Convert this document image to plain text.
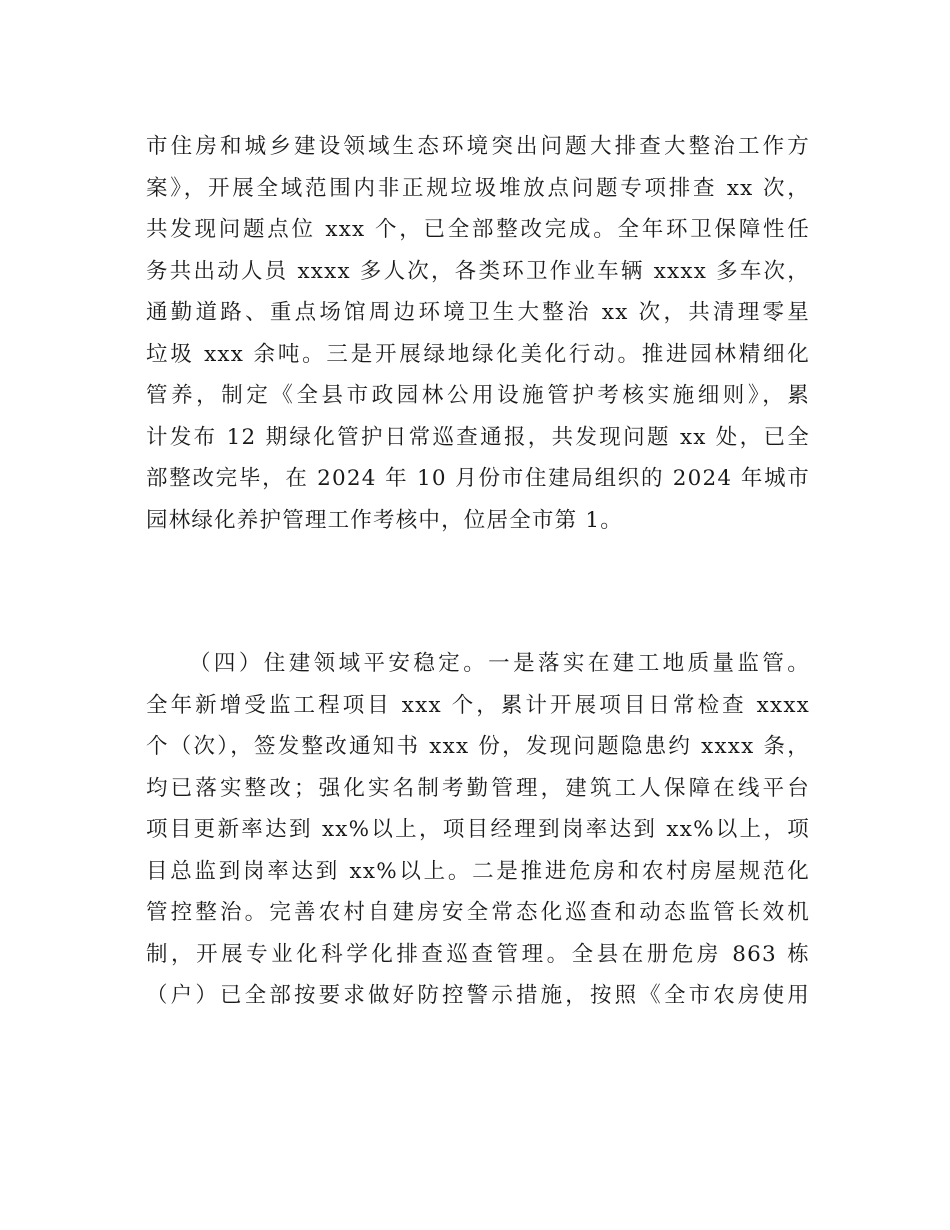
市住房和城乡建设领域生态环境突出问题大排查大整治工作方
案》，开展全域范围内非正规垃圾堆放点问题专项排查 xx 次，
共发现问题点位 xxx 个，已全部整改完成。全年环卫保障性任
务共出动人员 xxxx 多人次，各类环卫作业车辆 xxxx 多车次，
通勤道路、重点场馆周边环境卫生大整治 xx 次，共清理零星
垃圾 xxx 余吨。三是开展绿地绿化美化行动。推进园林精细化
管养，制定《全县市政园林公用设施管护考核实施细则》，累
计发布 12 期绿化管护日常巡查通报，共发现问题 xx 处，已全
部整改完毕，在 2024 年 10 月份市住建局组织的 2024 年城市
园林绿化养护管理工作考核中，位居全市第 1。
（四）住建领域平安稳定。一是落实在建工地质量监管。
全年新增受监工程项目 xxx 个，累计开展项目日常检查 xxxx
个（次），签发整改通知书 xxx 份，发现问题隐患约 xxxx 条，
均已落实整改；强化实名制考勤管理，建筑工人保障在线平台
项目更新率达到 xx%以上，项目经理到岗率达到 xx%以上，项
目总监到岗率达到 xx%以上。二是推进危房和农村房屋规范化
管控整治。完善农村自建房安全常态化巡查和动态监管长效机
制，开展专业化科学化排查巡查管理。全县在册危房 863 栋
（户）已全部按要求做好防控警示措施，按照《全市农房使用
